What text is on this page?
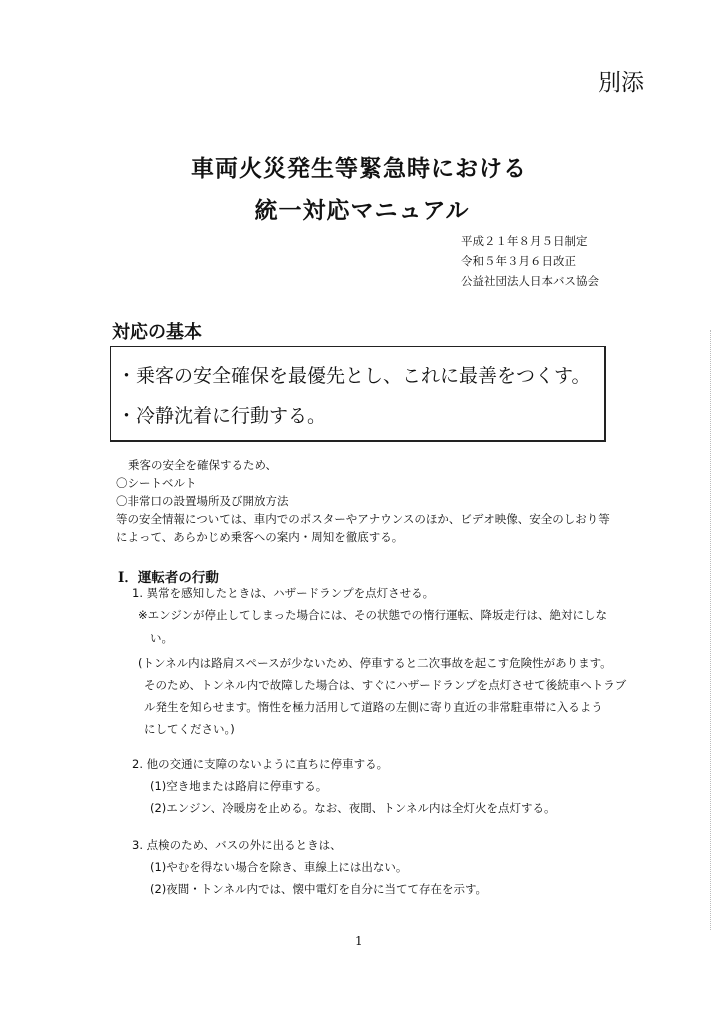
別添
車両火災発生等緊急時における
統一対応マニュアル
平成２１年８月５日制定
令和５年３月６日改正
公益社団法人日本バス協会
対応の基本
・乗客の安全確保を最優先とし、これに最善をつくす。
・冷静沈着に行動する。
乗客の安全を確保するため、
〇シートベルト
〇非常口の設置場所及び開放方法
等の安全情報については、車内でのポスターやアナウンスのほか、ビデオ映像、安全のしおり等
によって、あらかじめ乗客への案内・周知を徹底する。
Ⅰ．運転者の行動
1. 異常を感知したときは、ハザードランプを点灯させる。
※エンジンが停止してしまった場合には、その状態での惰行運転、降坂走行は、絶対にしな
い。
(トンネル内は路肩スペースが少ないため、停車すると二次事故を起こす危険性があります。
そのため、トンネル内で故障した場合は、すぐにハザードランプを点灯させて後続車へトラブ
ル発生を知らせます。惰性を極力活用して道路の左側に寄り直近の非常駐車帯に入るよう
にしてください。)
2. 他の交通に支障のないように直ちに停車する。
(1)空き地または路肩に停車する。
(2)エンジン、冷暖房を止める。なお、夜間、トンネル内は全灯火を点灯する。
3. 点検のため、バスの外に出るときは、
(1)やむを得ない場合を除き、車線上には出ない。
(2)夜間・トンネル内では、懐中電灯を自分に当てて存在を示す。
1
